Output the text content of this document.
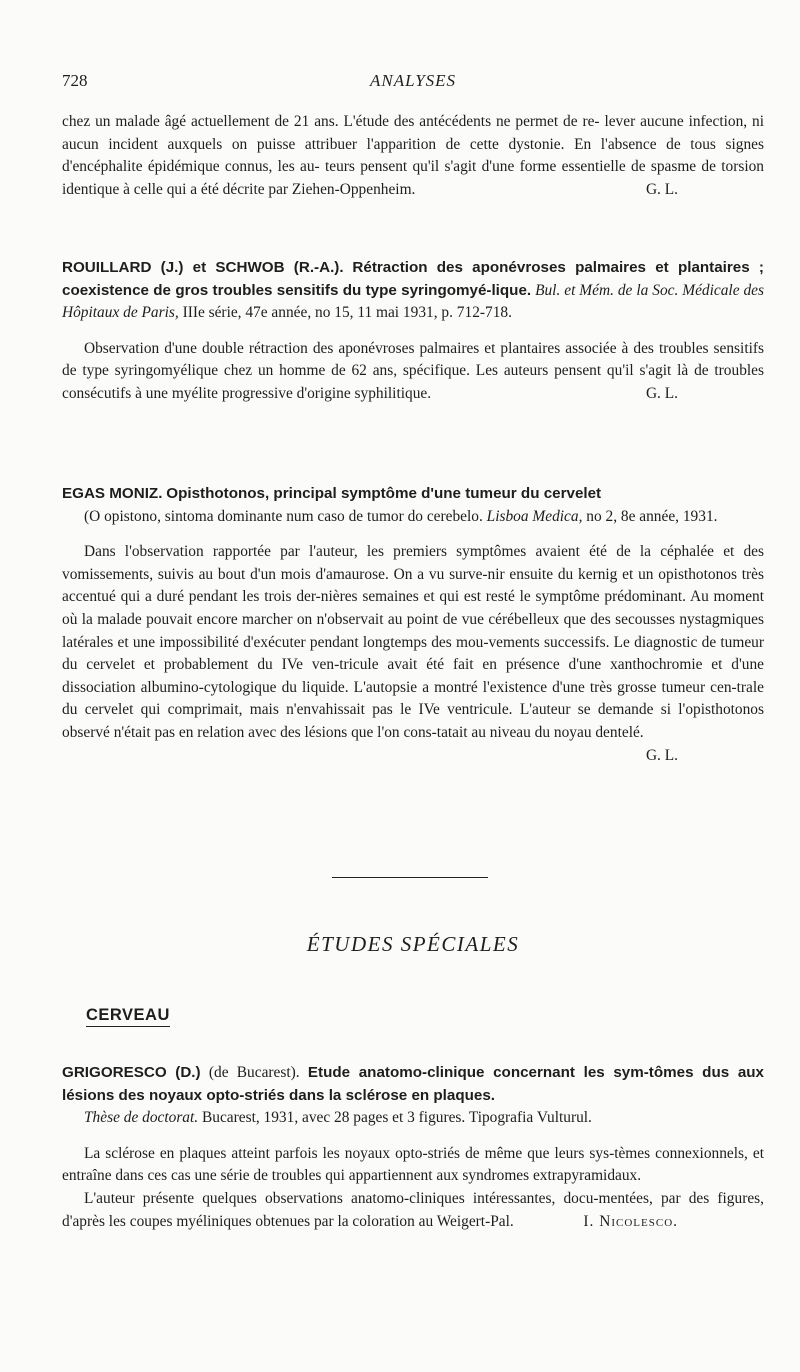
728	ANALYSES

chez un malade âgé actuellement de 21 ans. L'étude des antécédents ne permet de re- lever aucune infection, ni aucun incident auxquels on puisse attribuer l'apparition de cette dystonie. En l'absence de tous signes d'encéphalite épidémique connus, les au- teurs pensent qu'il s'agit d'une forme essentielle de spasme de torsion identique à celle qui a été décrite par Ziehen-Oppenheim.	G. L.

ROUILLARD (J.) et SCHWOB (R.-A.). Rétraction des aponévroses palmaires et plantaires ; coexistence de gros troubles sensitifs du type syringomyé-lique. Bul. et Mém. de la Soc. Médicale des Hôpitaux de Paris, IIIe série, 47e année, no 15, 11 mai 1931, p. 712-718.

Observation d'une double rétraction des aponévroses palmaires et plantaires associée à des troubles sensitifs de type syringomyélique chez un homme de 62 ans, spécifique. Les auteurs pensent qu'il s'agit là de troubles consécutifs à une myélite progressive d'origine syphilitique.	G. L.

EGAS MONIZ. Opisthotonos, principal symptôme d'une tumeur du cervelet

(O opistono, sintoma dominante num caso de tumor do cerebelo. Lisboa Medica, no 2, 8e année, 1931.

Dans l'observation rapportée par l'auteur, les premiers symptômes avaient été de la céphalée et des vomissements, suivis au bout d'un mois d'amaurose. On a vu surve-nir ensuite du kernig et un opisthotonos très accentué qui a duré pendant les trois der-nières semaines et qui est resté le symptôme prédominant. Au moment où la malade pouvait encore marcher on n'observait au point de vue cérébelleux que des secousses nystagmiques latérales et une impossibilité d'exécuter pendant longtemps des mou-vements successifs. Le diagnostic de tumeur du cervelet et probablement du IVe ven-tricule avait été fait en présence d'une xanthochromie et d'une dissociation albumino-cytologique du liquide. L'autopsie a montré l'existence d'une très grosse tumeur cen-trale du cervelet qui comprimait, mais n'envahissait pas le IVe ventricule. L'auteur se demande si l'opisthotonos observé n'était pas en relation avec des lésions que l'on cons-tatait au niveau du noyau dentelé.
G. L.

ÉTUDES SPÉCIALES
CERVEAU

GRIGORESCO (D.) (de Bucarest). Etude anatomo-clinique concernant les sym-tômes dus aux lésions des noyaux opto-striés dans la sclérose en plaques.

Thèse de doctorat. Bucarest, 1931, avec 28 pages et 3 figures. Tipografia Vulturul.

La sclérose en plaques atteint parfois les noyaux opto-striés de même que leurs sys-tèmes connexionnels, et entraîne dans ces cas une série de troubles qui appartiennent aux syndromes extrapyramidaux.

L'auteur présente quelques observations anatomo-cliniques intéressantes, docu-mentées, par des figures, d'après les coupes myéliniques obtenues par la coloration au Weigert-Pal.	I. Nicolesco.
